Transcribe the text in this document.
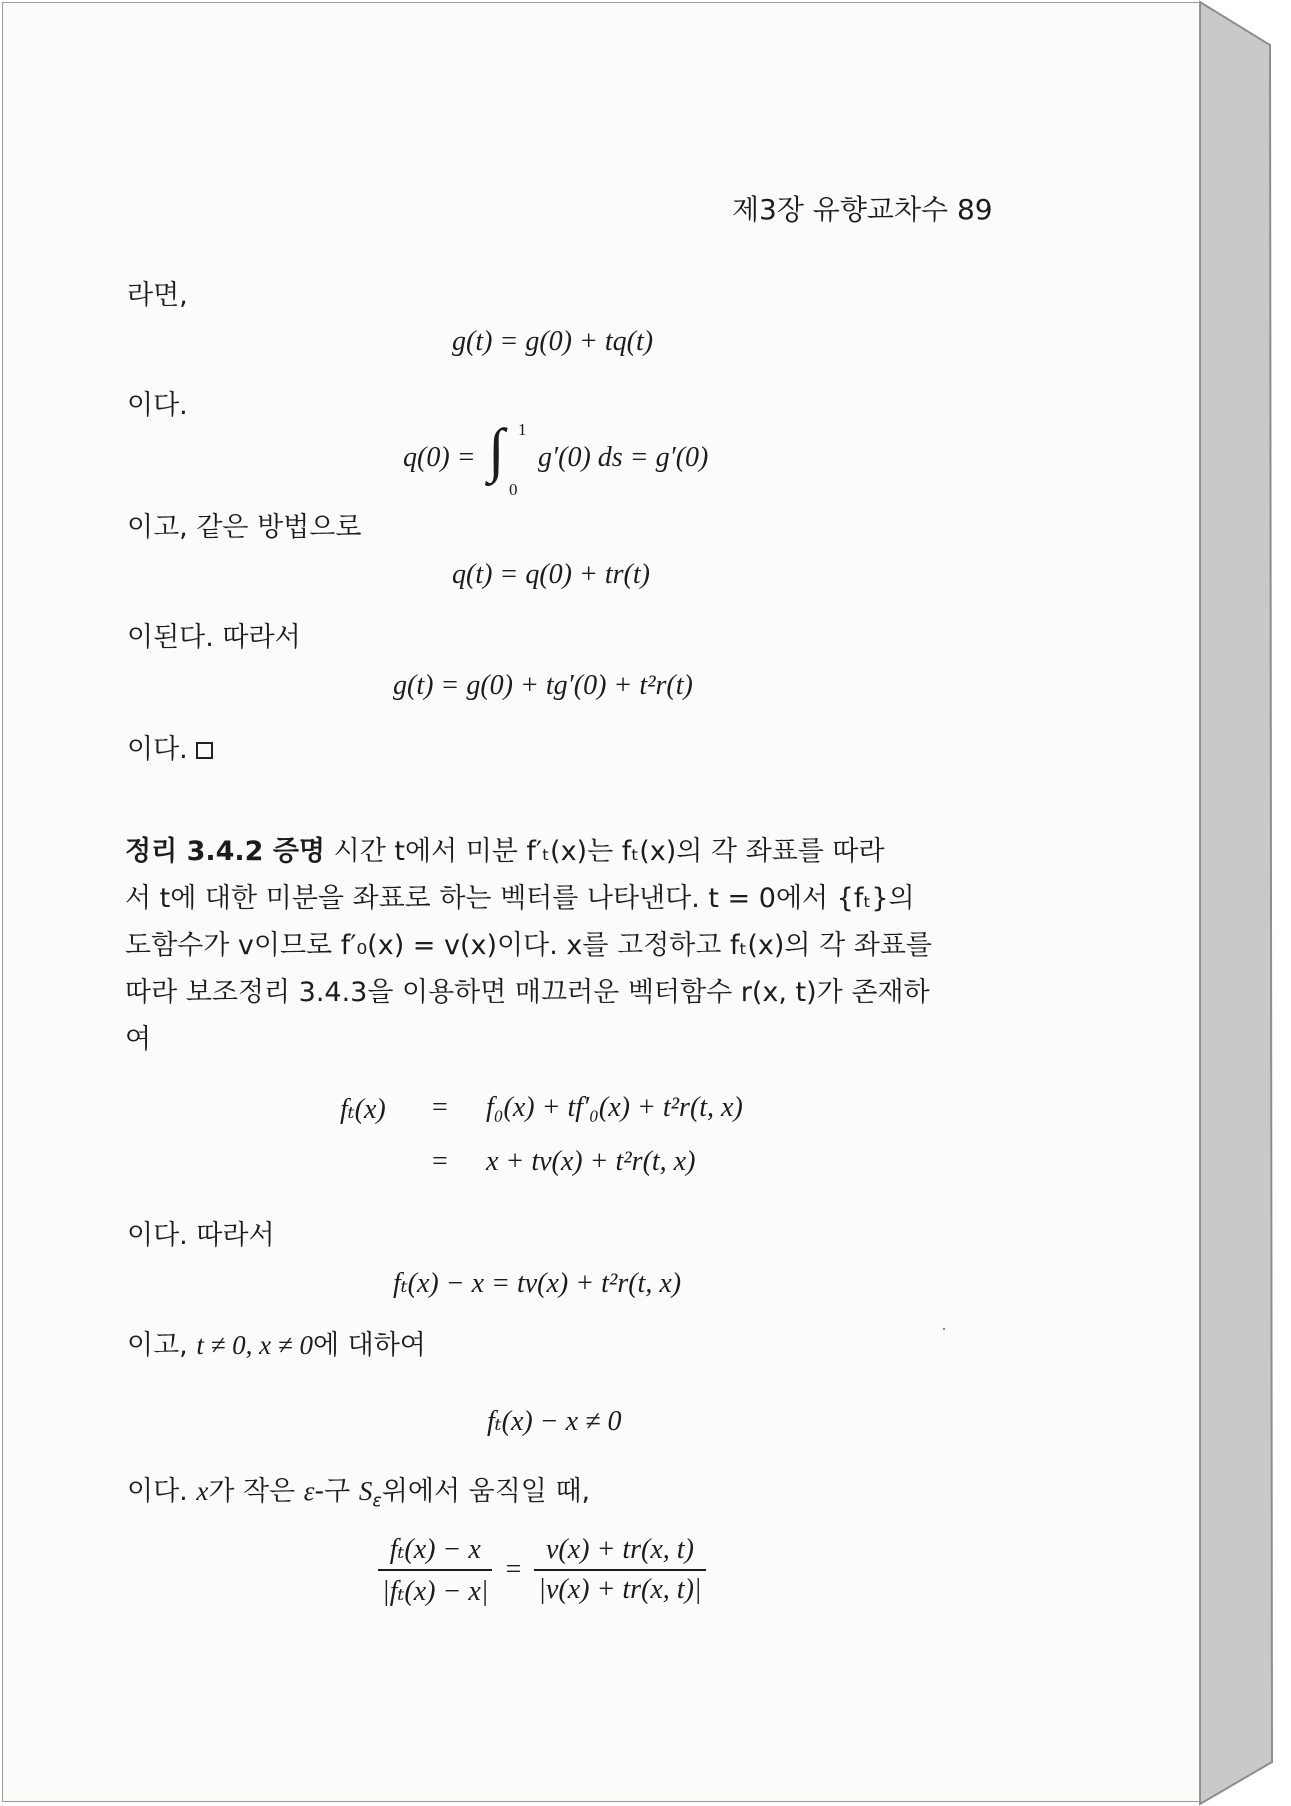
제3장 유향교차수 89
라면,
g(t) = g(0) + tq(t)
이다.
q(0) = ∫ 1
0
g′(0) ds = g′(0)
이고, 같은 방법으로
q(t) = q(0) + tr(t)
이된다. 따라서
g(t) = g(0) + tg′(0) + t²r(t)
이다.
정리 3.4.2 증명 시간 t에서 미분 f′ₜ(x)는 fₜ(x)의 각 좌표를 따라
서 t에 대한 미분을 좌표로 하는 벡터를 나타낸다. t = 0에서 {fₜ}의
도함수가 v이므로 f′₀(x) = v(x)이다. x를 고정하고 fₜ(x)의 각 좌표를
따라 보조정리 3.4.3을 이용하면 매끄러운 벡터함수 r(x, t)가 존재하
여
fₜ(x) = f₀(x) + tf′₀(x) + t²r(t, x)
= x + tv(x) + t²r(t, x)
이다. 따라서
fₜ(x) − x = tv(x) + t²r(t, x)
이고, t ≠ 0, x ≠ 0에 대하여
fₜ(x) − x ≠ 0
이다. x가 작은 ε-구 $S_\varepsilon$위에서 움직일 때,
$\frac{\text{fₜ(x) − x}}{\text{|fₜ(x) − x|}} = \frac{v(x) + tr(x, t)}{|v(x) + tr(x, t)|}$
